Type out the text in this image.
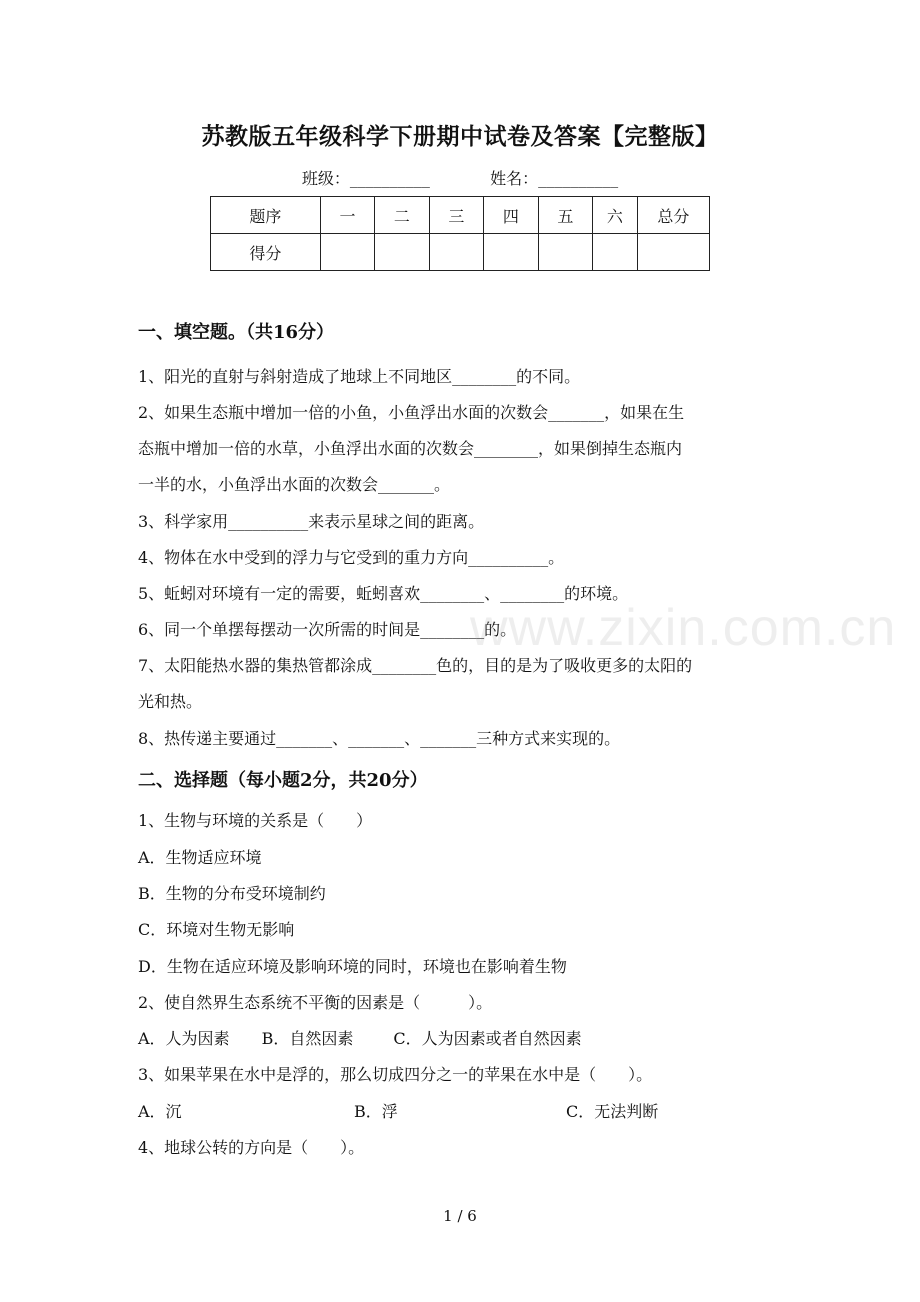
苏教版五年级科学下册期中试卷及答案【完整版】
班级：__________	姓名：__________
题序	一	二	三	四	五	六	总分
得分							
一、填空题。（共16分）
1、阳光的直射与斜射造成了地球上不同地区________的不同。
2、如果生态瓶中增加一倍的小鱼，小鱼浮出水面的次数会_______，如果在生
态瓶中增加一倍的水草，小鱼浮出水面的次数会________，如果倒掉生态瓶内
一半的水，小鱼浮出水面的次数会_______。
3、科学家用__________来表示星球之间的距离。
4、物体在水中受到的浮力与它受到的重力方向__________。
5、蚯蚓对环境有一定的需要，蚯蚓喜欢________、________的环境。
6、同一个单摆每摆动一次所需的时间是________的。
7、太阳能热水器的集热管都涂成________色的，目的是为了吸收更多的太阳的
光和热。
8、热传递主要通过_______、_______、_______三种方式来实现的。
二、选择题（每小题2分，共20分）
1、生物与环境的关系是（　　）
A．生物适应环境
B．生物的分布受环境制约
C．环境对生物无影响
D．生物在适应环境及影响环境的同时，环境也在影响着生物
2、使自然界生态系统不平衡的因素是（　　　）。
A．人为因素 B．自然因素	C．人为因素或者自然因素
3、如果苹果在水中是浮的，那么切成四分之一的苹果在水中是（　　）。
A．沉	B．浮	C．无法判断
4、地球公转的方向是（　　）。
www.zixin.com.cn
1 / 6
